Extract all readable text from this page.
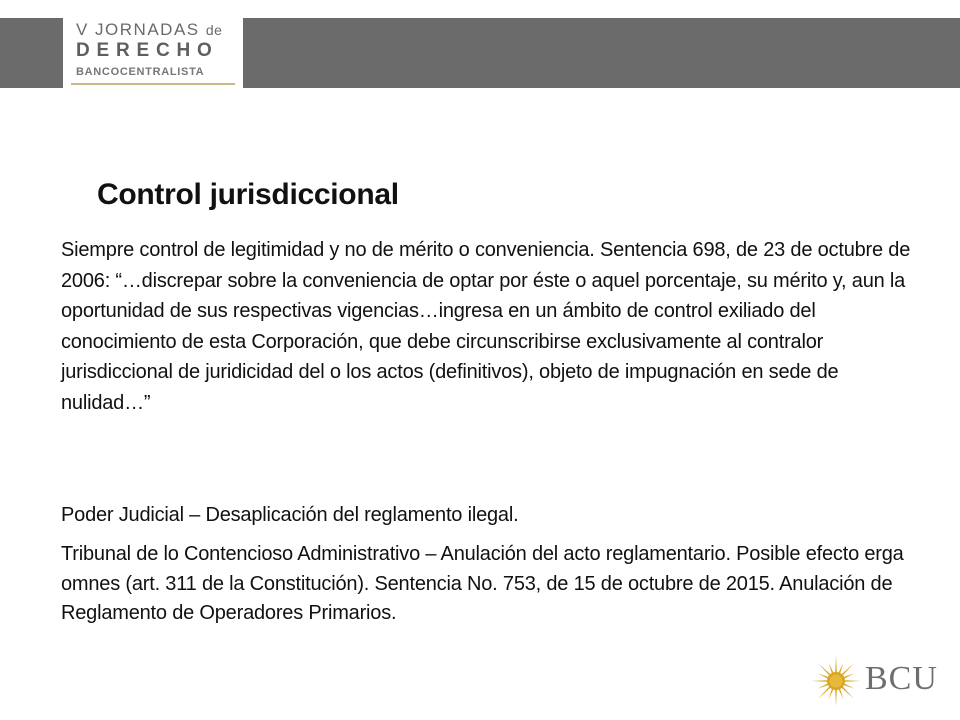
V JORNADAS de
DERECHO
BANCOCENTRALISTA
Control jurisdiccional

Siempre control de legitimidad y no de mérito o conveniencia. Sentencia 698, de 23 de octubre de 2006: “…discrepar sobre la conveniencia de optar por éste o aquel porcentaje, su mérito y, aun la oportunidad de sus respectivas vigencias…ingresa en un ámbito de control exiliado del conocimiento de esta Corporación, que debe circunscribirse exclusivamente al contralor jurisdiccional de juridicidad del o los actos (definitivos), objeto de impugnación en sede de nulidad…”

Poder Judicial – Desaplicación del reglamento ilegal.

Tribunal de lo Contencioso Administrativo – Anulación del acto reglamentario. Posible efecto erga omnes (art. 311 de la Constitución). Sentencia No. 753, de 15 de octubre de 2015. Anulación de Reglamento de Operadores Primarios.

BCU
